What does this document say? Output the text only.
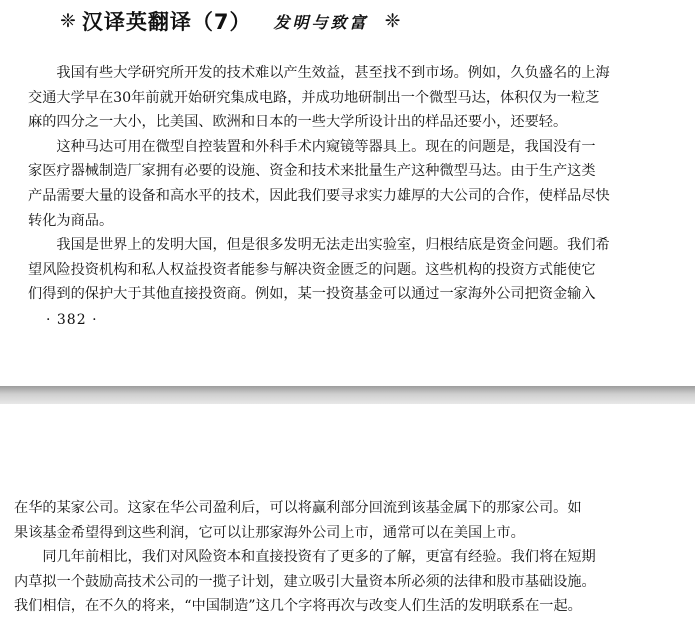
❈ 汉译英翻译（7） 发明与致富 ❈
　　我国有些大学研究所开发的技术难以产生效益，甚至找不到市场。例如，久负盛名的上海
交通大学早在30年前就开始研究集成电路，并成功地研制出一个微型马达，体积仅为一粒芝
麻的四分之一大小，比美国、欧洲和日本的一些大学所设计出的样品还要小，还要轻。
　　这种马达可用在微型自控装置和外科手术内窥镜等器具上。现在的问题是，我国没有一
家医疗器械制造厂家拥有必要的设施、资金和技术来批量生产这种微型马达。由于生产这类
产品需要大量的设备和高水平的技术，因此我们要寻求实力雄厚的大公司的合作，使样品尽快
转化为商品。
　　我国是世界上的发明大国，但是很多发明无法走出实验室，归根结底是资金问题。我们希
望风险投资机构和私人权益投资者能参与解决资金匮乏的问题。这些机构的投资方式能使它
们得到的保护大于其他直接投资商。例如，某一投资基金可以通过一家海外公司把资金输入
· 382 ·
在华的某家公司。这家在华公司盈利后，可以将赢利部分回流到该基金属下的那家公司。如
果该基金希望得到这些利润，它可以让那家海外公司上市，通常可以在美国上市。
　　同几年前相比，我们对风险资本和直接投资有了更多的了解，更富有经验。我们将在短期
内草拟一个鼓励高技术公司的一揽子计划，建立吸引大量资本所必须的法律和股市基础设施。
我们相信，在不久的将来，“中国制造”这几个字将再次与改变人们生活的发明联系在一起。
